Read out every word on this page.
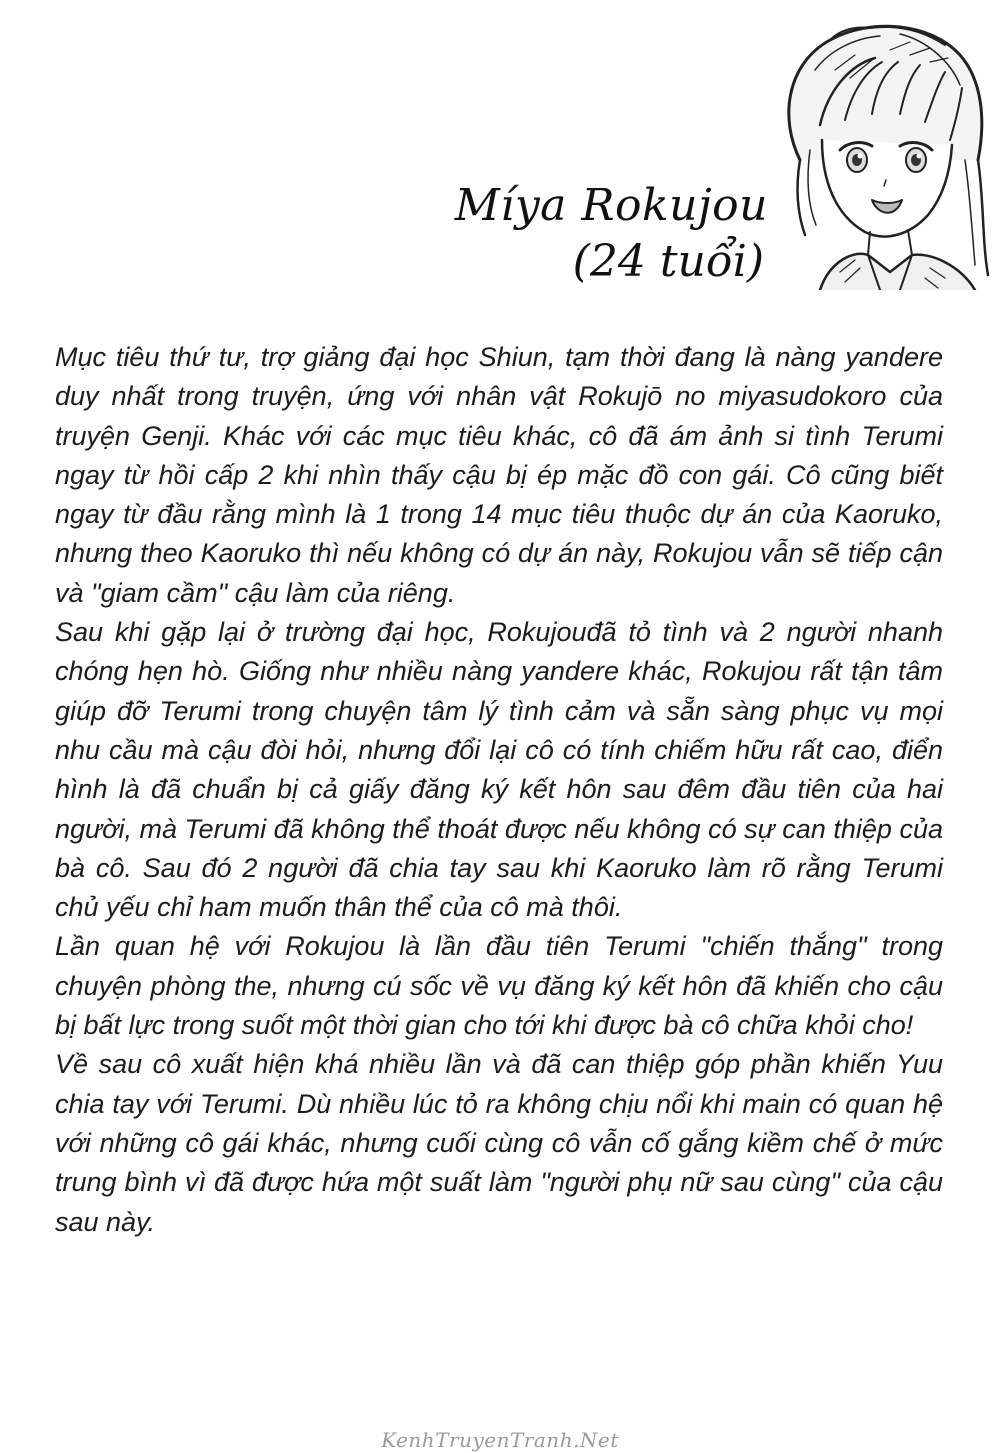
Míya Rokujou
(24 tuổi)

Mục tiêu thứ tư, trợ giảng đại học Shiun, tạm thời đang là nàng yandere duy nhất trong truyện, ứng với nhân vật Rokujō no miyasudokoro của truyện Genji. Khác với các mục tiêu khác, cô đã ám ảnh si tình Terumi ngay từ hồi cấp 2 khi nhìn thấy cậu bị ép mặc đồ con gái. Cô cũng biết ngay từ đầu rằng mình là 1 trong 14 mục tiêu thuộc dự án của Kaoruko, nhưng theo Kaoruko thì nếu không có dự án này, Rokujou vẫn sẽ tiếp cận và "giam cầm" cậu làm của riêng.

Sau khi gặp lại ở trường đại học, Rokujouđã tỏ tình và 2 người nhanh chóng hẹn hò. Giống như nhiều nàng yandere khác, Rokujou rất tận tâm giúp đỡ Terumi trong chuyện tâm lý tình cảm và sẵn sàng phục vụ mọi nhu cầu mà cậu đòi hỏi, nhưng đổi lại cô có tính chiếm hữu rất cao, điển hình là đã chuẩn bị cả giấy đăng ký kết hôn sau đêm đầu tiên của hai người, mà Terumi đã không thể thoát được nếu không có sự can thiệp của bà cô. Sau đó 2 người đã chia tay sau khi Kaoruko làm rõ rằng Terumi chủ yếu chỉ ham muốn thân thể của cô mà thôi.

Lần quan hệ với Rokujou là lần đầu tiên Terumi "chiến thắng" trong chuyện phòng the, nhưng cú sốc về vụ đăng ký kết hôn đã khiến cho cậu bị bất lực trong suốt một thời gian cho tới khi được bà cô chữa khỏi cho!

Về sau cô xuất hiện khá nhiều lần và đã can thiệp góp phần khiến Yuu chia tay với Terumi. Dù nhiều lúc tỏ ra không chịu nổi khi main có quan hệ với những cô gái khác, nhưng cuối cùng cô vẫn cố gắng kiềm chế ở mức trung bình vì đã được hứa một suất làm "người phụ nữ sau cùng" của cậu sau này.

KenhTruyenTranh.Net
